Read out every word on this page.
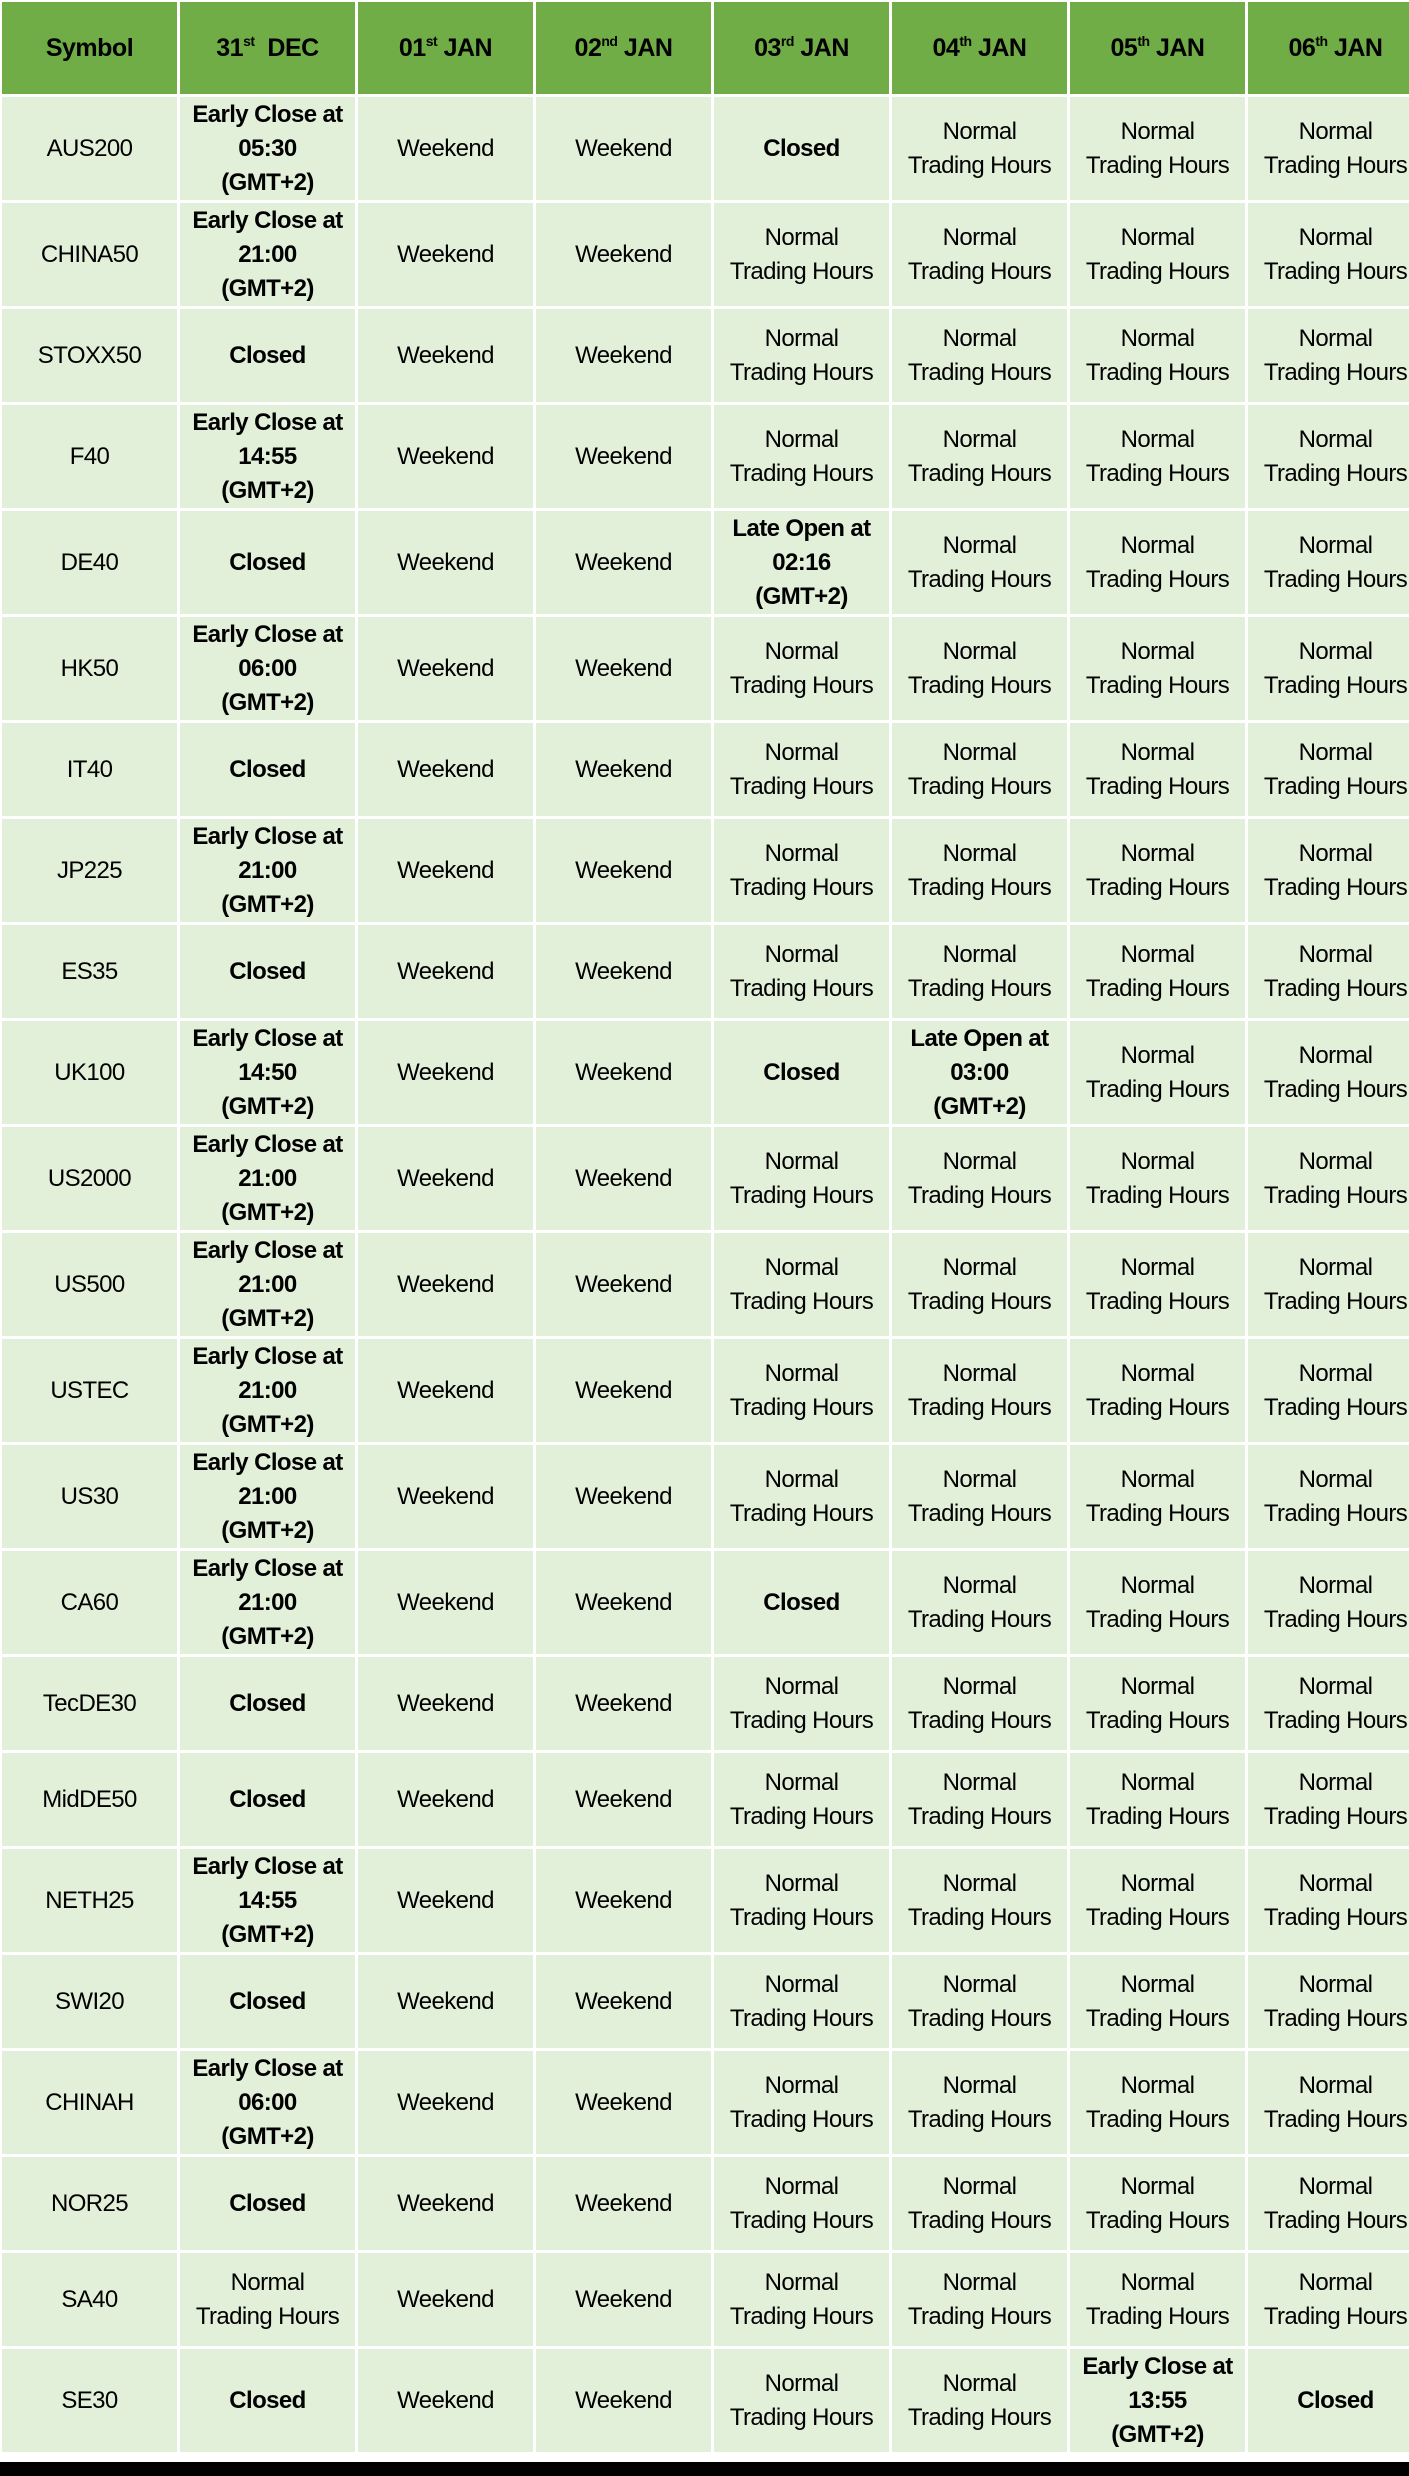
Symbol	31st  DEC	01st JAN	02nd JAN	03rd JAN	04th JAN	05th JAN	06th JAN
AUS200	Early Close at
05:30
(GMT+2)	Weekend	Weekend	Closed	Normal
Trading Hours	Normal
Trading Hours	Normal
Trading Hours

CHINA50	Early Close at
21:00
(GMT+2)	Weekend	Weekend	Normal
Trading Hours	Normal
Trading Hours	Normal
Trading Hours	Normal
Trading Hours

STOXX50	Closed	Weekend	Weekend	Normal
Trading Hours	Normal
Trading Hours	Normal
Trading Hours	Normal
Trading Hours

F40	Early Close at
14:55
(GMT+2)	Weekend	Weekend	Normal
Trading Hours	Normal
Trading Hours	Normal
Trading Hours	Normal
Trading Hours

DE40	Closed	Weekend	Weekend	Late Open at
02:16
(GMT+2)	Normal
Trading Hours	Normal
Trading Hours	Normal
Trading Hours

HK50	Early Close at
06:00
(GMT+2)	Weekend	Weekend	Normal
Trading Hours	Normal
Trading Hours	Normal
Trading Hours	Normal
Trading Hours

IT40	Closed	Weekend	Weekend	Normal
Trading Hours	Normal
Trading Hours	Normal
Trading Hours	Normal
Trading Hours

JP225	Early Close at
21:00
(GMT+2)	Weekend	Weekend	Normal
Trading Hours	Normal
Trading Hours	Normal
Trading Hours	Normal
Trading Hours

ES35	Closed	Weekend	Weekend	Normal
Trading Hours	Normal
Trading Hours	Normal
Trading Hours	Normal
Trading Hours

UK100	Early Close at
14:50
(GMT+2)	Weekend	Weekend	Closed	Late Open at
03:00
(GMT+2)	Normal
Trading Hours	Normal
Trading Hours

US2000	Early Close at
21:00
(GMT+2)	Weekend	Weekend	Normal
Trading Hours	Normal
Trading Hours	Normal
Trading Hours	Normal
Trading Hours

US500	Early Close at
21:00
(GMT+2)	Weekend	Weekend	Normal
Trading Hours	Normal
Trading Hours	Normal
Trading Hours	Normal
Trading Hours

USTEC	Early Close at
21:00
(GMT+2)	Weekend	Weekend	Normal
Trading Hours	Normal
Trading Hours	Normal
Trading Hours	Normal
Trading Hours

US30	Early Close at
21:00
(GMT+2)	Weekend	Weekend	Normal
Trading Hours	Normal
Trading Hours	Normal
Trading Hours	Normal
Trading Hours

CA60	Early Close at
21:00
(GMT+2)	Weekend	Weekend	Closed	Normal
Trading Hours	Normal
Trading Hours	Normal
Trading Hours

TecDE30	Closed	Weekend	Weekend	Normal
Trading Hours	Normal
Trading Hours	Normal
Trading Hours	Normal
Trading Hours

MidDE50	Closed	Weekend	Weekend	Normal
Trading Hours	Normal
Trading Hours	Normal
Trading Hours	Normal
Trading Hours

NETH25	Early Close at
14:55
(GMT+2)	Weekend	Weekend	Normal
Trading Hours	Normal
Trading Hours	Normal
Trading Hours	Normal
Trading Hours

SWI20	Closed	Weekend	Weekend	Normal
Trading Hours	Normal
Trading Hours	Normal
Trading Hours	Normal
Trading Hours

CHINAH	Early Close at
06:00
(GMT+2)	Weekend	Weekend	Normal
Trading Hours	Normal
Trading Hours	Normal
Trading Hours	Normal
Trading Hours

NOR25	Closed	Weekend	Weekend	Normal
Trading Hours	Normal
Trading Hours	Normal
Trading Hours	Normal
Trading Hours

SA40	Normal
Trading Hours	Weekend	Weekend	Normal
Trading Hours	Normal
Trading Hours	Normal
Trading Hours	Normal
Trading Hours

SE30	Closed	Weekend	Weekend	Normal
Trading Hours	Normal
Trading Hours	Early Close at
13:55
(GMT+2)	Closed
